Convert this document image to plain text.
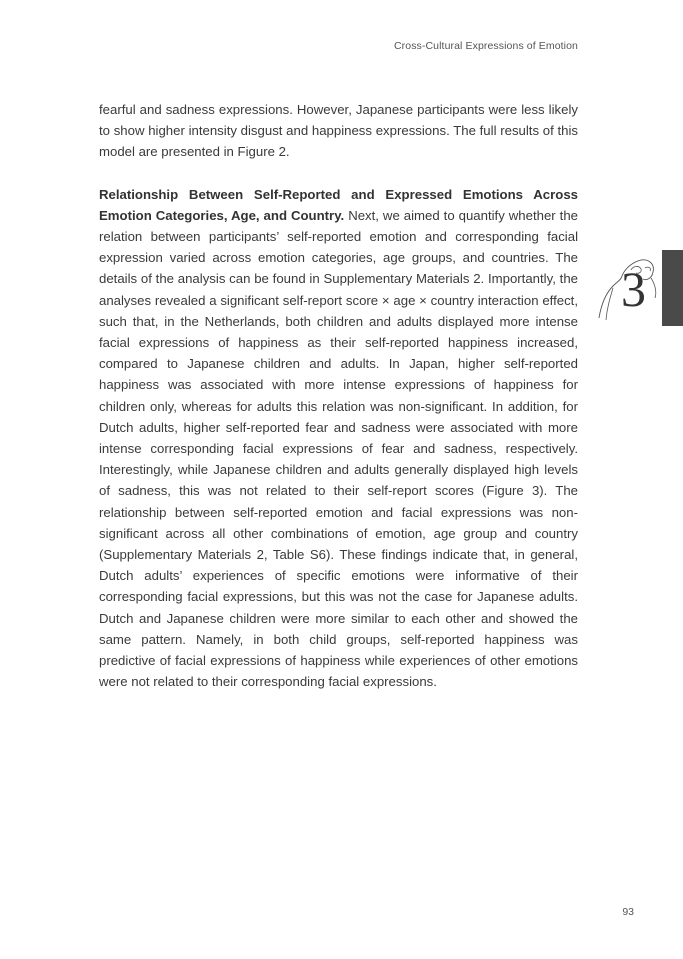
Cross-Cultural Expressions of Emotion

fearful and sadness expressions. However, Japanese participants were less likely to show higher intensity disgust and happiness expressions. The full results of this model are presented in Figure 2.

Relationship Between Self-Reported and Expressed Emotions Across Emotion Categories, Age, and Country. Next, we aimed to quantify whether the relation between participants’ self-reported emotion and corresponding facial expression varied across emotion categories, age groups, and countries. The details of the analysis can be found in Supplementary Materials 2. Importantly, the analyses revealed a significant self-report score × age × country interaction effect, such that, in the Netherlands, both children and adults displayed more intense facial expressions of happiness as their self-reported happiness increased, compared to Japanese children and adults. In Japan, higher self-reported happiness was associated with more intense expressions of happiness for children only, whereas for adults this relation was non-significant. In addition, for Dutch adults, higher self-reported fear and sadness were associated with more intense corresponding facial expressions of fear and sadness, respectively. Interestingly, while Japanese children and adults generally displayed high levels of sadness, this was not related to their self-report scores (Figure 3). The relationship between self-reported emotion and facial expressions was non-significant across all other combinations of emotion, age group and country (Supplementary Materials 2, Table S6). These findings indicate that, in general, Dutch adults’ experiences of specific emotions were informative of their corresponding facial expressions, but this was not the case for Japanese adults. Dutch and Japanese children were more similar to each other and showed the same pattern. Namely, in both child groups, self-reported happiness was predictive of facial expressions of happiness while experiences of other emotions were not related to their corresponding facial expressions.

3
93
